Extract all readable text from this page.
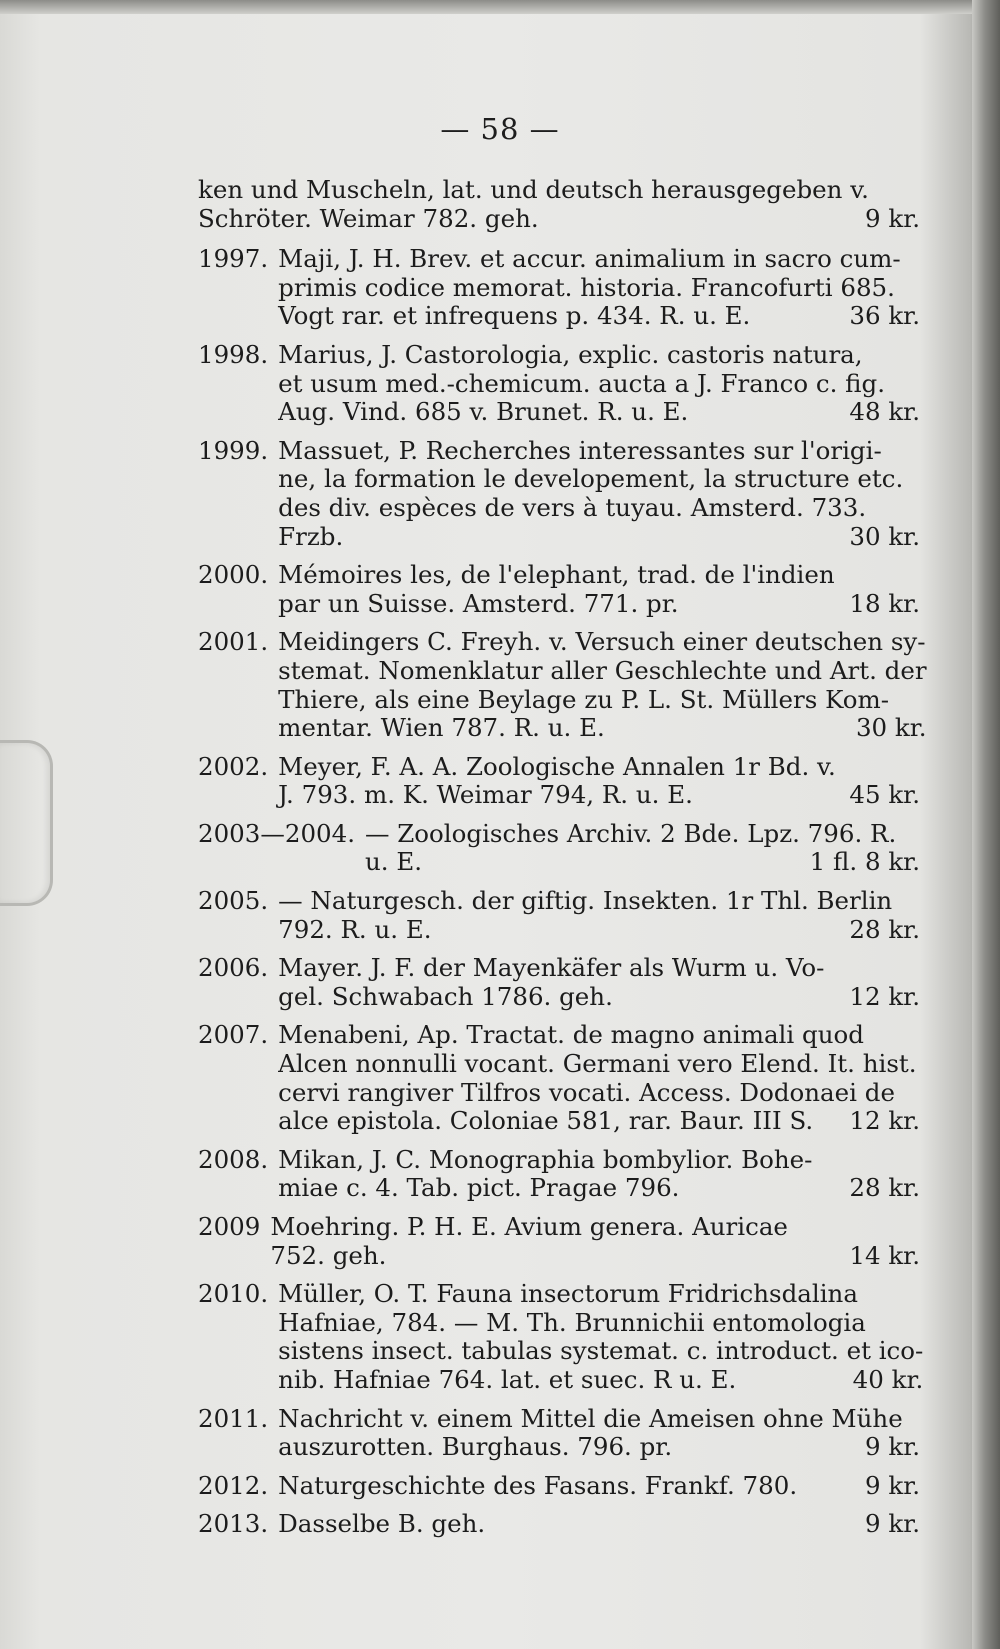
— 58 —
ken und Muscheln, lat. und deutsch herausgegeben v.
Schröter. Weimar 782. geh.	9 kr.
1997. Maji, J. H. Brev. et accur. animalium in sacro cum-
primis codice memorat. historia. Francofurti 685.
Vogt rar. et infrequens p. 434. R. u. E.	36 kr.
1998. Marius, J. Castorologia, explic. castoris natura,
et usum med.-chemicum. aucta a J. Franco c. fig.
Aug. Vind. 685 v. Brunet. R. u. E.	48 kr.
1999. Massuet, P. Recherches interessantes sur l'origi-
ne, la formation le developement, la structure etc.
des div. espèces de vers à tuyau. Amsterd. 733.
Frzb.	30 kr.
2000. Mémoires les, de l'elephant, trad. de l'indien
par un Suisse. Amsterd. 771. pr.	18 kr.
2001. Meidingers C. Freyh. v. Versuch einer deutschen sy-
stemat. Nomenklatur aller Geschlechte und Art. der
Thiere, als eine Beylage zu P. L. St. Müllers Kom-
mentar. Wien 787. R. u. E.	30 kr.
2002. Meyer, F. A. A. Zoologische Annalen 1r Bd. v.
J. 793. m. K. Weimar 794, R. u. E.	45 kr.
2003—2004. — Zoologisches Archiv. 2 Bde. Lpz. 796. R.
u. E.	1 fl. 8 kr.
2005. — Naturgesch. der giftig. Insekten. 1r Thl. Berlin
792. R. u. E.	28 kr.
2006. Mayer. J. F. der Mayenkäfer als Wurm u. Vo-
gel. Schwabach 1786. geh.	12 kr.
2007. Menabeni, Ap. Tractat. de magno animali quod
Alcen nonnulli vocant. Germani vero Elend. It. hist.
cervi rangiver Tilfros vocati. Access. Dodonaei de
alce epistola. Coloniae 581, rar. Baur. III S.	12 kr.
2008. Mikan, J. C. Monographia bombylior. Bohe-
miae c. 4. Tab. pict. Pragae 796.	28 kr.
2009 Moehring. P. H. E. Avium genera. Auricae
752. geh.	14 kr.
2010. Müller, O. T. Fauna insectorum Fridrichsdalina
Hafniae, 784. — M. Th. Brunnichii entomologia
sistens insect. tabulas systemat. c. introduct. et ico-
nib. Hafniae 764. lat. et suec. R u. E.	40 kr.
2011. Nachricht v. einem Mittel die Ameisen ohne Mühe
auszurotten. Burghaus. 796. pr.	9 kr.
2012. Naturgeschichte des Fasans. Frankf. 780.	9 kr.
2013. Dasselbe B. geh.	9 kr.
